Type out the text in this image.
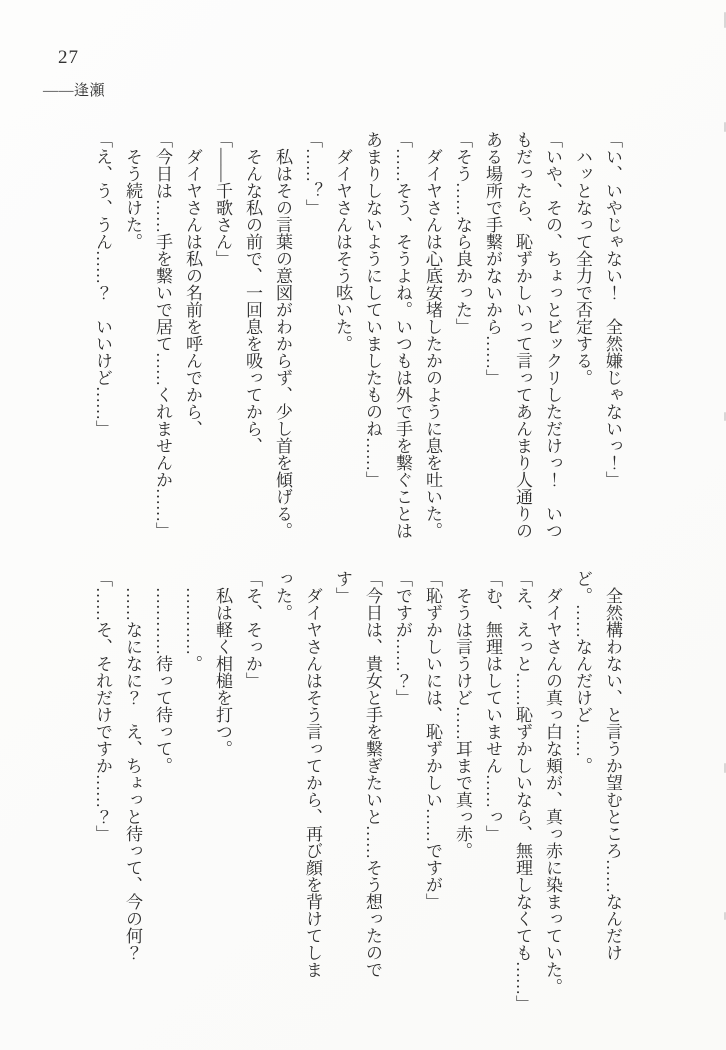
27
――逢瀬

「い、いやじゃない！　全然嫌じゃないっ！」

　ハッとなって全力で否定する。

「いや、その、ちょっとビックリしただけっ！　いつ

もだったら、恥ずかしいって言ってあんまり人通りの

ある場所で手繋がないから……」

「そう……なら良かった」

　ダイヤさんは心底安堵したかのように息を吐いた。

「……そう、そうよね。いつもは外で手を繋ぐことは

あまりしないようにしていましたものね……」

　ダイヤさんはそう呟いた。

「……？」

　私はその言葉の意図がわからず、少し首を傾げる。

　そんな私の前で、一回息を吸ってから、

「――千歌さん」

　ダイヤさんは私の名前を呼んでから、

「今日は……手を繋いで居て……くれませんか……」

　そう続けた。

「え、う、うん……？　いいけど……」

　全然構わない、と言うか望むところ……なんだけ

ど。……なんだけど……。

　ダイヤさんの真っ白な頬が、真っ赤に染まっていた。

「え、えっと……恥ずかしいなら、無理しなくても……」

「む、無理はしていません……っ」

　そうは言うけど……耳まで真っ赤。

「恥ずかしいには、恥ずかしい……ですが」

「ですが……？」

「今日は、貴女と手を繋ぎたいと……そう想ったので

す」

　ダイヤさんはそう言ってから、再び顔を背けてしま

った。

「そ、そっか」

　私は軽く相槌を打つ。

　…………。

　…………待って待って。

　……なになに？　え、ちょっと待って、今の何？

「……そ、それだけですか……？」
